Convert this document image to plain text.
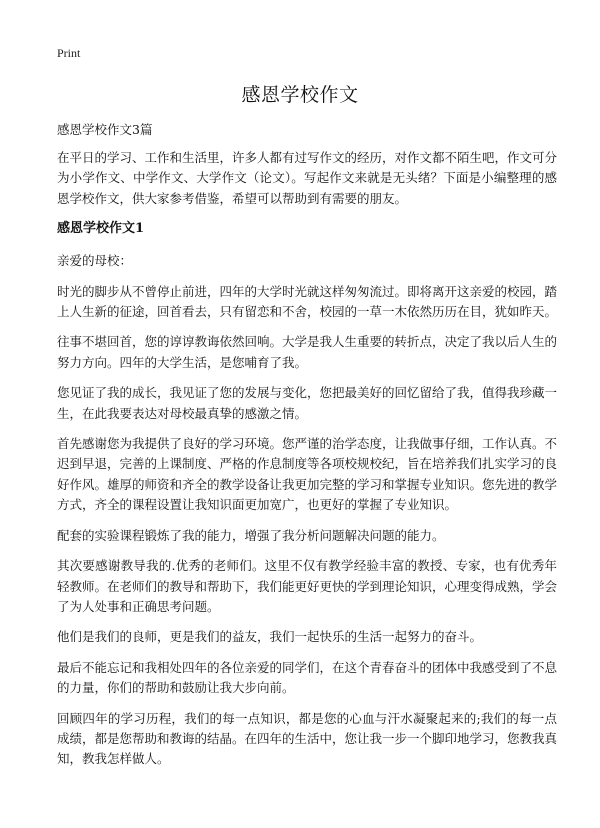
Print
感恩学校作文

感恩学校作文3篇

在平日的学习、工作和生活里，许多人都有过写作文的经历，对作文都不陌生吧，作文可分为小学作文、中学作文、大学作文（论文）。写起作文来就是无头绪？下面是小编整理的感恩学校作文，供大家参考借鉴，希望可以帮助到有需要的朋友。

感恩学校作文1

亲爱的母校：

时光的脚步从不曾停止前进，四年的大学时光就这样匆匆流过。即将离开这亲爱的校园，踏上人生新的征途，回首看去，只有留恋和不舍，校园的一草一木依然历历在目，犹如昨天。

往事不堪回首，您的谆谆教诲依然回响。大学是我人生重要的转折点，决定了我以后人生的努力方向。四年的大学生活，是您哺育了我。

您见证了我的成长，我见证了您的发展与变化，您把最美好的回忆留给了我，值得我珍藏一生，在此我要表达对母校最真挚的感激之情。

首先感谢您为我提供了良好的学习环境。您严谨的治学态度，让我做事仔细，工作认真。不迟到早退，完善的上课制度、严格的作息制度等各项校规校纪，旨在培养我们扎实学习的良好作风。雄厚的师资和齐全的教学设备让我更加完整的学习和掌握专业知识。您先进的教学方式，齐全的课程设置让我知识面更加宽广，也更好的掌握了专业知识。

配套的实验课程锻炼了我的能力，增强了我分析问题解决问题的能力。

其次要感谢教导我的.优秀的老师们。这里不仅有教学经验丰富的教授、专家，也有优秀年轻教师。在老师们的教导和帮助下，我们能更好更快的学到理论知识，心理变得成熟，学会了为人处事和正确思考问题。

他们是我们的良师，更是我们的益友，我们一起快乐的生活一起努力的奋斗。

最后不能忘记和我相处四年的各位亲爱的同学们，在这个青春奋斗的团体中我感受到了不息的力量，你们的帮助和鼓励让我大步向前。

回顾四年的学习历程，我们的每一点知识，都是您的心血与汗水凝聚起来的;我们的每一点成绩，都是您帮助和教诲的结晶。在四年的生活中，您让我一步一个脚印地学习，您教我真知，教我怎样做人。
